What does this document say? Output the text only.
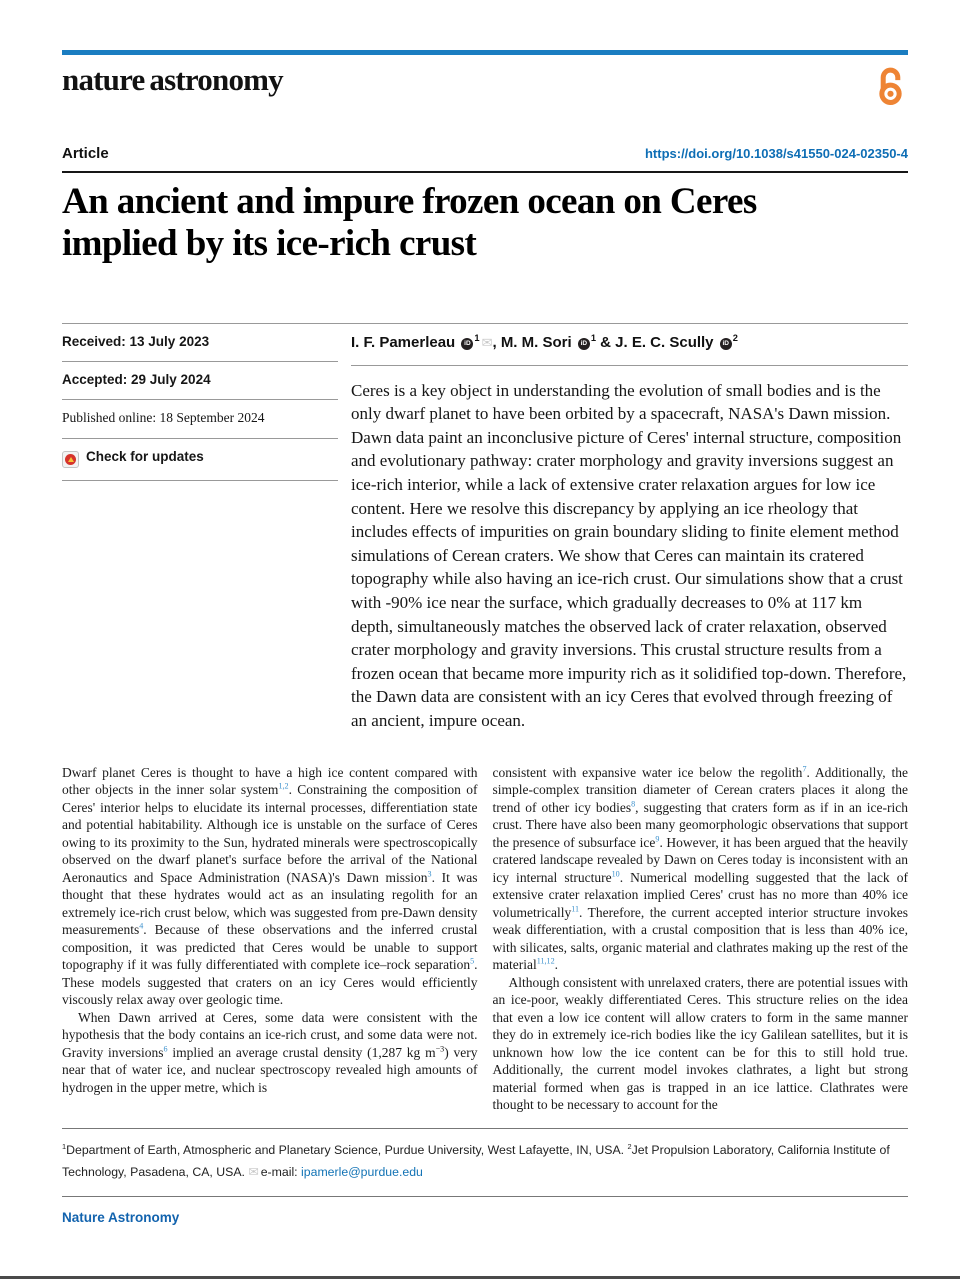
nature astronomy
Article	https://doi.org/10.1038/s41550-024-02350-4
An ancient and impure frozen ocean on Ceres
implied by its ice-rich crust
Received: 13 July 2023
Accepted: 29 July 2024
Published online: 18 September 2024
Check for updates
I. F. Pamerleau $iD^1$ ✉, M. M. Sori $iD^1$ & J. E. C. Scully $iD^2$
Ceres is a key object in understanding the evolution of small bodies and is the only dwarf planet to have been orbited by a spacecraft, NASA's Dawn mission. Dawn data paint an inconclusive picture of Ceres' internal structure, composition and evolutionary pathway: crater morphology and gravity inversions suggest an ice-rich interior, while a lack of extensive crater relaxation argues for low ice content. Here we resolve this discrepancy by applying an ice rheology that includes effects of impurities on grain boundary sliding to finite element method simulations of Cerean craters. We show that Ceres can maintain its cratered topography while also having an ice-rich crust. Our simulations show that a crust with -90% ice near the surface, which gradually decreases to 0% at 117 km depth, simultaneously matches the observed lack of crater relaxation, observed crater morphology and gravity inversions. This crustal structure results from a frozen ocean that became more impurity rich as it solidified top-down. Therefore, the Dawn data are consistent with an icy Ceres that evolved through freezing of an ancient, impure ocean.

Dwarf planet Ceres is thought to have a high ice content compared with other objects in the inner solar system$^{1,2}$. Constraining the composition of Ceres' interior helps to elucidate its internal processes, differentiation state and potential habitability. Although ice is unstable on the surface of Ceres owing to its proximity to the Sun, hydrated minerals were spectroscopically observed on the dwarf planet's surface before the arrival of the National Aeronautics and Space Administration (NASA)'s Dawn mission$^3$. It was thought that these hydrates would act as an insulating regolith for an extremely ice-rich crust below, which was suggested from pre-Dawn density measurements$^4$. Because of these observations and the inferred crustal composition, it was predicted that Ceres would be unable to support topography if it was fully differentiated with complete ice–rock separation$^5$. These models suggested that craters on an icy Ceres would efficiently viscously relax away over geologic time.

When Dawn arrived at Ceres, some data were consistent with the hypothesis that the body contains an ice-rich crust, and some data were not. Gravity inversions$^6$ implied an average crustal density (1,287 kg $m^{-3}$) very near that of water ice, and nuclear spectroscopy revealed high amounts of hydrogen in the upper metre, which is

consistent with expansive water ice below the regolith$^7$. Additionally, the simple-complex transition diameter of Cerean craters places it along the trend of other icy bodies$^8$, suggesting that craters form as if in an ice-rich crust. There have also been many geomorphologic observations that support the presence of subsurface ice$^9$. However, it has been argued that the heavily cratered landscape revealed by Dawn on Ceres today is inconsistent with an icy internal structure$^{10}$. Numerical modelling suggested that the lack of extensive crater relaxation implied Ceres' crust has no more than 40% ice volumetrically$^{11}$. Therefore, the current accepted interior structure invokes weak differentiation, with a crustal composition that is less than 40% ice, with silicates, salts, organic material and clathrates making up the rest of the material$^{11,12}$.

Although consistent with unrelaxed craters, there are potential issues with an ice-poor, weakly differentiated Ceres. This structure relies on the idea that even a low ice content will allow craters to form in the same manner they do in extremely ice-rich bodies like the icy Galilean satellites, but it is unknown how low the ice content can be for this to still hold true. Additionally, the current model invokes clathrates, a light but strong material formed when gas is trapped in an ice lattice. Clathrates were thought to be necessary to account for the

$^1$Department of Earth, Atmospheric and Planetary Science, Purdue University, West Lafayette, IN, USA. $^2$Jet Propulsion Laboratory, California Institute of Technology, Pasadena, CA, USA. ✉ e-mail: ipamerle@purdue.edu
Nature Astronomy
